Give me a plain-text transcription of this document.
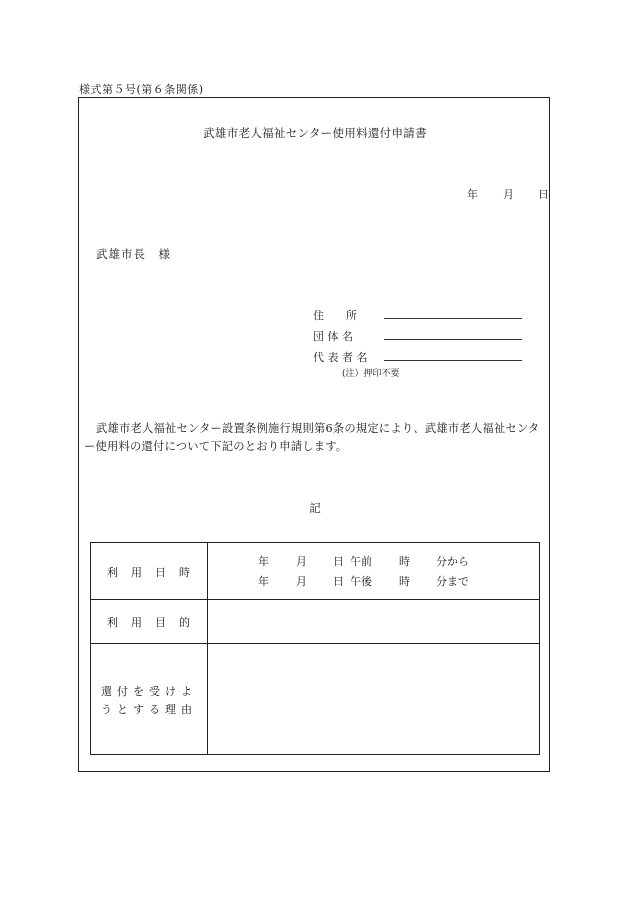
様式第５号(第６条関係)
武雄市老人福祉センター使用料還付申請書
年 月 日
武雄市長　様
住　　所
団 体 名
代 表 者 名
(注）押印不要
武雄市老人福祉センター設置条例施行規則第6条の規定により、武雄市老人福祉センター使用料の還付について下記のとおり申請します。
記
利　用　日　時
利　用　目　的
還付を受けようとする理由
年 月 日 午前 時 分から
年 月 日 午後 時 分まで
